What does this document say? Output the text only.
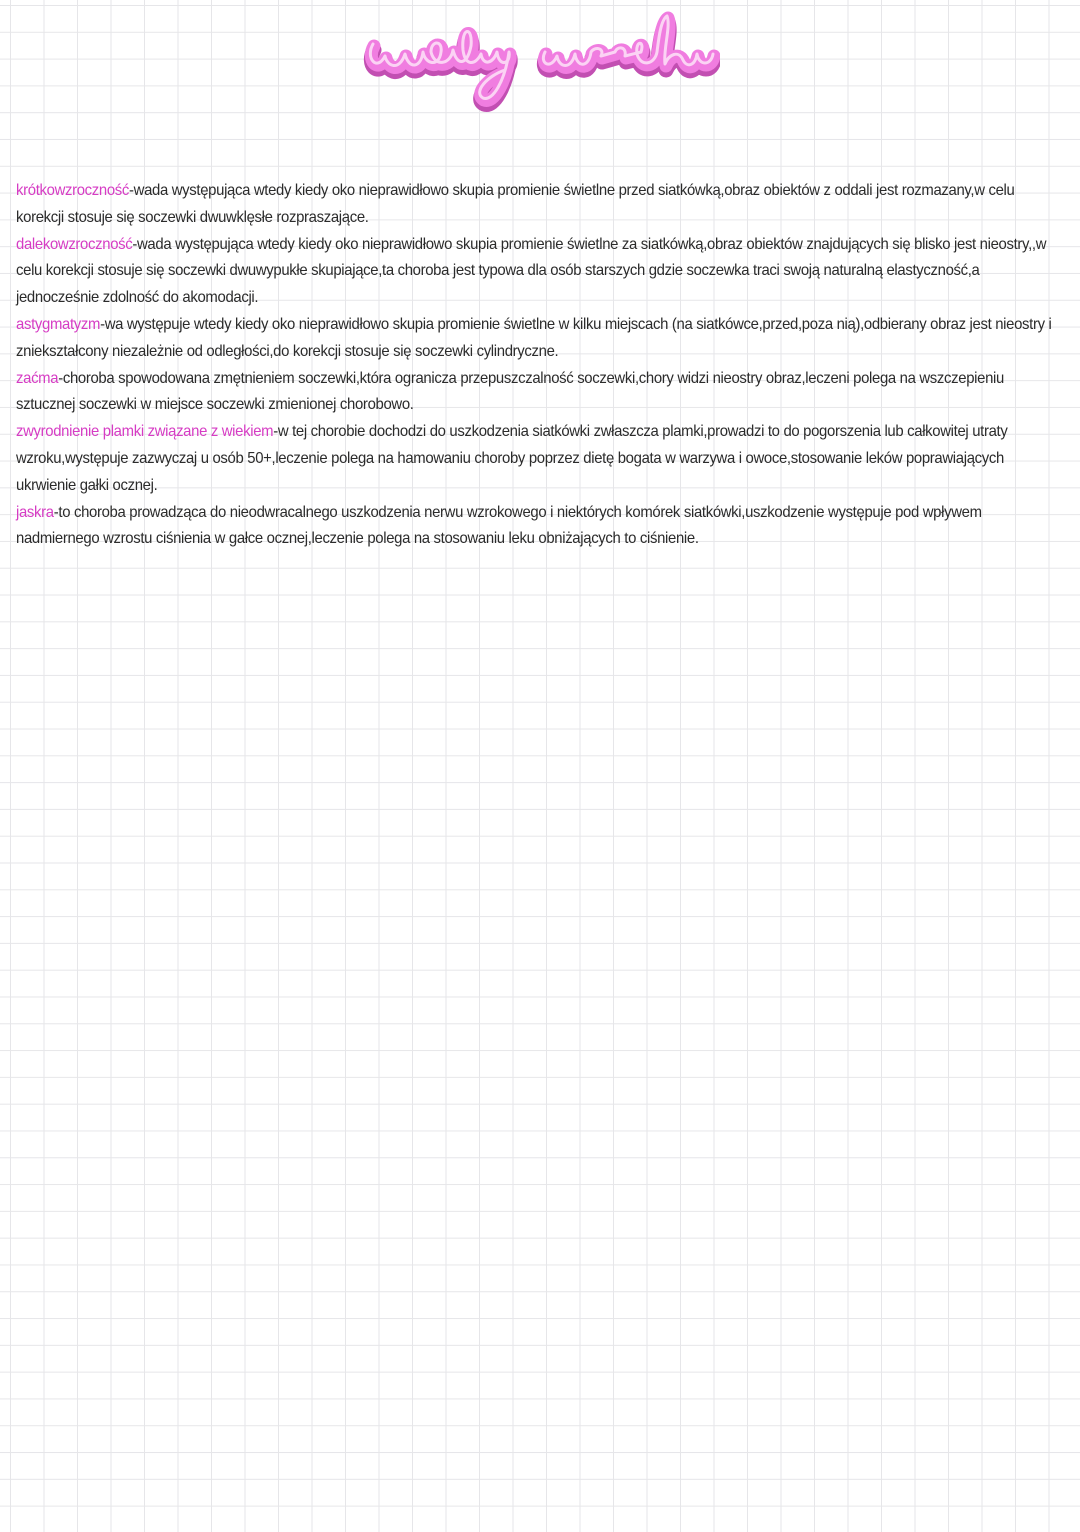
krótkowzroczność-wada występująca wtedy kiedy oko nieprawidłowo skupia promienie świetlne przed siatkówką,obraz obiektów z oddali jest rozmazany,w celu korekcji stosuje się soczewki dwuwklęsłe rozpraszające.

dalekowzroczność-wada występująca wtedy kiedy oko nieprawidłowo skupia promienie świetlne za siatkówką,obraz obiektów znajdujących się blisko jest nieostry,,w celu korekcji stosuje się soczewki dwuwypukłe skupiające,ta choroba jest typowa dla osób starszych gdzie soczewka traci swoją naturalną elastyczność,a jednocześnie zdolność do akomodacji.

astygmatyzm-wa występuje wtedy kiedy oko nieprawidłowo skupia promienie świetlne w kilku miejscach (na siatkówce,przed,poza nią),odbierany obraz jest nieostry i zniekształcony niezależnie od odległości,do korekcji stosuje się soczewki cylindryczne.

zaćma-choroba spowodowana zmętnieniem soczewki,która ogranicza przepuszczalność soczewki,chory widzi nieostry obraz,leczeni polega na wszczepieniu sztucznej soczewki w miejsce soczewki zmienionej chorobowo.

zwyrodnienie plamki związane z wiekiem-w tej chorobie dochodzi do uszkodzenia siatkówki zwłaszcza plamki,prowadzi to do pogorszenia lub całkowitej utraty wzroku,występuje zazwyczaj u osób 50+,leczenie polega na hamowaniu choroby poprzez dietę bogata w warzywa i owoce,stosowanie leków poprawiających ukrwienie gałki ocznej.

jaskra-to choroba prowadząca do nieodwracalnego uszkodzenia nerwu wzrokowego i niektórych komórek siatkówki,uszkodzenie występuje pod wpływem nadmiernego wzrostu ciśnienia w gałce ocznej,leczenie polega na stosowaniu leku obniżających to ciśnienie.
